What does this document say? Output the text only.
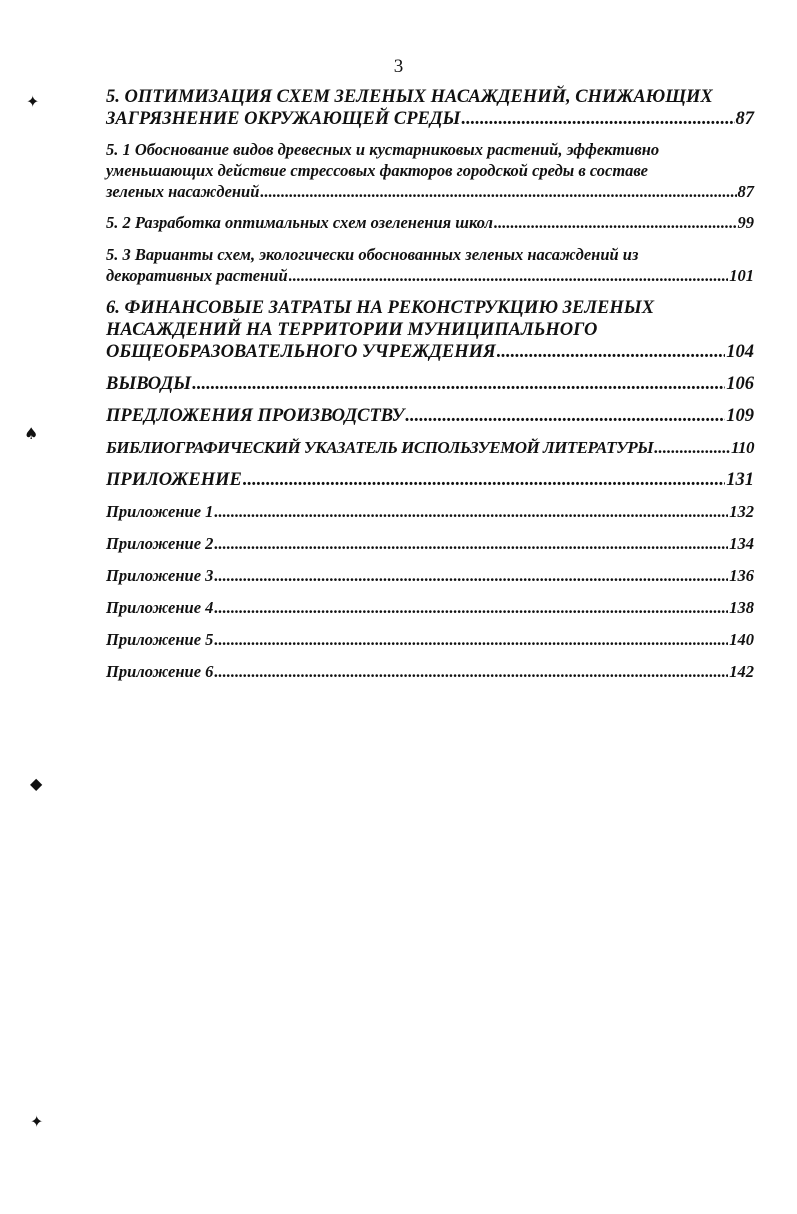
3
✦
♠
◆
✦
5. ОПТИМИЗАЦИЯ СХЕМ ЗЕЛЕНЫХ НАСАЖДЕНИЙ, СНИЖАЮЩИХ
ЗАГРЯЗНЕНИЕ ОКРУЖАЮЩЕЙ СРЕДЫ .....	87
5. 1 Обоснование видов древесных и кустарниковых растений, эффективно
уменьшающих действие стрессовых факторов городской среды в составе
зеленых насаждений .....	87
5. 2 Разработка оптимальных схем озеленения школ .....	99
5. 3 Варианты схем, экологически обоснованных зеленых насаждений из
декоративных растений .....	101
6. ФИНАНСОВЫЕ ЗАТРАТЫ НА РЕКОНСТРУКЦИЮ ЗЕЛЕНЫХ
НАСАЖДЕНИЙ НА ТЕРРИТОРИИ МУНИЦИПАЛЬНОГО
ОБЩЕОБРАЗОВАТЕЛЬНОГО УЧРЕЖДЕНИЯ .....	104
ВЫВОДЫ .....	106
ПРЕДЛОЖЕНИЯ ПРОИЗВОДСТВУ .....	109
БИБЛИОГРАФИЧЕСКИЙ УКАЗАТЕЛЬ ИСПОЛЬЗУЕМОЙ ЛИТЕРАТУРЫ .....	110
ПРИЛОЖЕНИЕ .....	131
Приложение 1 .....	132
Приложение 2 .....	134
Приложение 3 .....	136
Приложение 4 .....	138
Приложение 5 .....	140
Приложение 6 .....	142
